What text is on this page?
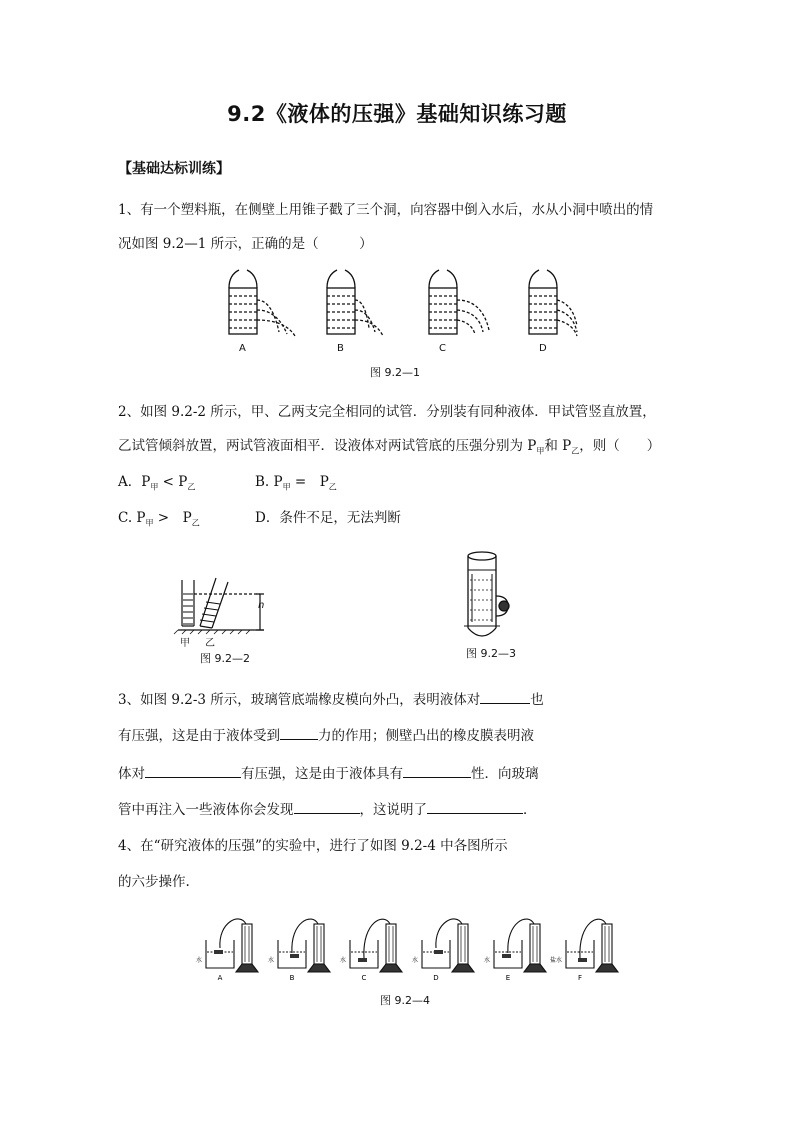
9.2《液体的压强》基础知识练习题
【基础达标训练】
1、有一个塑料瓶，在侧壁上用锥子戳了三个洞，向容器中倒入水后，水从小洞中喷出的情
况如图 9.2—1 所示，正确的是（　　　）
A	B	C	D
图 9.2—1
2、如图 9.2-2 所示，甲、乙两支完全相同的试管．分别装有同种液体．甲试管竖直放置，
乙试管倾斜放置，两试管液面相平．设液体对两试管底的压强分别为 $P_甲$和 $P_乙$，则（　　）
A．$P_甲 < P_乙$	B. $P_甲$ =　$P_乙$
C. $P_甲$ >　$P_乙$	D．条件不足，无法判断
h
甲 乙
图 9.2—2	图 9.2—3
3、如图 9.2-3 所示，玻璃管底端橡皮模向外凸，表明液体对	也
有压强，这是由于液体受到	力的作用；侧壁凸出的橡皮膜表明液
体对	有压强，这是由于液体具有	性．向玻璃
管中再注入一些液体你会发现	，这说明了	．
4、在“研究液体的压强”的实验中，进行了如图 9.2-4 中各图所示
的六步操作.
A
水
B
水
C
水
D
水
E
水
F
盐水
图 9.2—4
